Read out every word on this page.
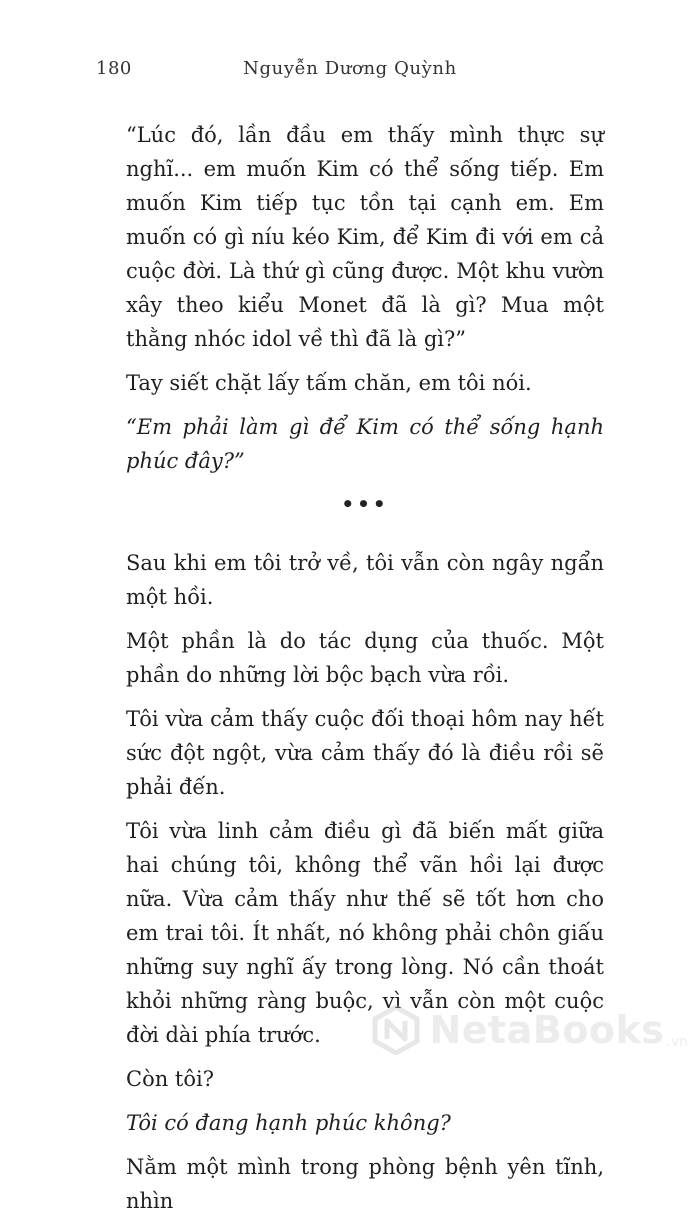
180	Nguyễn Dương Quỳnh

“Lúc đó, lần đầu em thấy mình thực sự nghĩ... em muốn Kim có thể sống tiếp. Em muốn Kim tiếp tục tồn tại cạnh em. Em muốn có gì níu kéo Kim, để Kim đi với em cả cuộc đời. Là thứ gì cũng được. Một khu vườn xây theo kiểu Monet đã là gì? Mua một thằng nhóc idol về thì đã là gì?”

Tay siết chặt lấy tấm chăn, em tôi nói.

“Em phải làm gì để Kim có thể sống hạnh phúc đây?”

•••

Sau khi em tôi trở về, tôi vẫn còn ngây ngẩn một hồi.

Một phần là do tác dụng của thuốc. Một phần do những lời bộc bạch vừa rồi.

Tôi vừa cảm thấy cuộc đối thoại hôm nay hết sức đột ngột, vừa cảm thấy đó là điều rồi sẽ phải đến.

Tôi vừa linh cảm điều gì đã biến mất giữa hai chúng tôi, không thể vãn hồi lại được nữa. Vừa cảm thấy như thế sẽ tốt hơn cho em trai tôi. Ít nhất, nó không phải chôn giấu những suy nghĩ ấy trong lòng. Nó cần thoát khỏi những ràng buộc, vì vẫn còn một cuộc đời dài phía trước.

Còn tôi?

Tôi có đang hạnh phúc không?

Nằm một mình trong phòng bệnh yên tĩnh, nhìn

NetaBooks .vn
